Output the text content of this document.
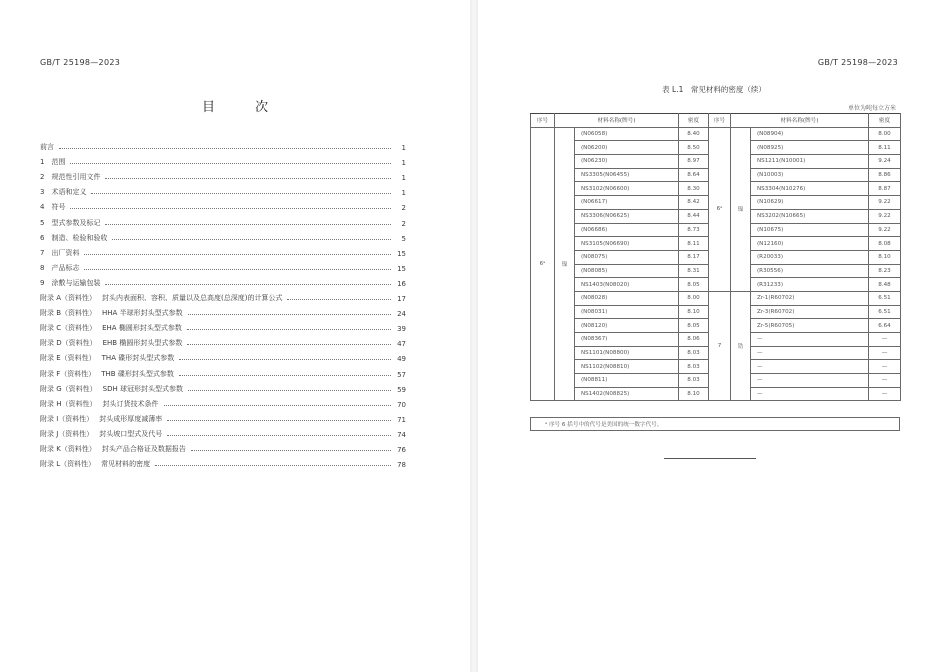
GB/T 25198—2023
目 次
前言	1
1　范围	1
2　规范性引用文件	1
3　术语和定义	1
4　符号	2
5　型式参数及标记	2
6　制造、检验和验收	5
7　出厂资料	15
8　产品标志	15
9　涂敷与运输包装	16
附录 A（资料性） 封头内表面积、容积、质量以及总高度(总深度)的计算公式	17
附录 B（资料性） HHA 半球形封头型式参数	24
附录 C（资料性） EHA 椭圆形封头型式参数	39
附录 D（资料性） EHB 椭圆形封头型式参数	47
附录 E（资料性） THA 碟形封头型式参数	49
附录 F（资料性） THB 碟形封头型式参数	57
附录 G（资料性） SDH 球冠形封头型式参数	59
附录 H（资料性） 封头订货技术条件	70
附录 I（资料性） 封头成形厚度减薄率	71
附录 J（资料性） 封头坡口型式及代号	74
附录 K（资料性） 封头产品合格证及数据报告	76
附录 L（资料性） 常见材料的密度	78
GB/T 25198—2023
表 L.1　常见材料的密度（续）
单位为吨每立方米
序号	材料名称(牌号)		密度	序号	材料名称(牌号)		密度
6ᵃ	镍	(N06058)	8.40	6ᵃ	镍	(N08904)	8.00
		(N06200)	8.50			(N08925)	8.11
		(N06230)	8.97			NS1211(N10001)	9.24
		NS3305(N06455)	8.64			(N10003)	8.86
		NS3102(N06600)	8.30			NS3304(N10276)	8.87
		(N06617)	8.42			(N10629)	9.22
		NS3306(N06625)	8.44			NS3202(N10665)	9.22
		(N06686)	8.73			(N10675)	9.22
		NS3105(N06690)	8.11			(N12160)	8.08
		(N08075)	8.17			(R20033)	8.10
		(N08085)	8.31			(R30556)	8.23
		NS1403(N08020)	8.05			(R31233)	8.48
		(N08028)	8.00	7	锆	Zr-1(R60702)	6.51
		(N08031)	8.10			Zr-3(R60702)	6.51
		(N08120)	8.05			Zr-5(R60705)	6.64
		(N08367)	8.06			—	—
		NS1101(N08800)	8.03			—	—
		NS1102(N08810)	8.03			—	—
		(N08811)	8.03			—	—
		NS1402(N08825)	8.10			—	—
ᵃ 序号 6 括号中的代号是美国的统一数字代号。
